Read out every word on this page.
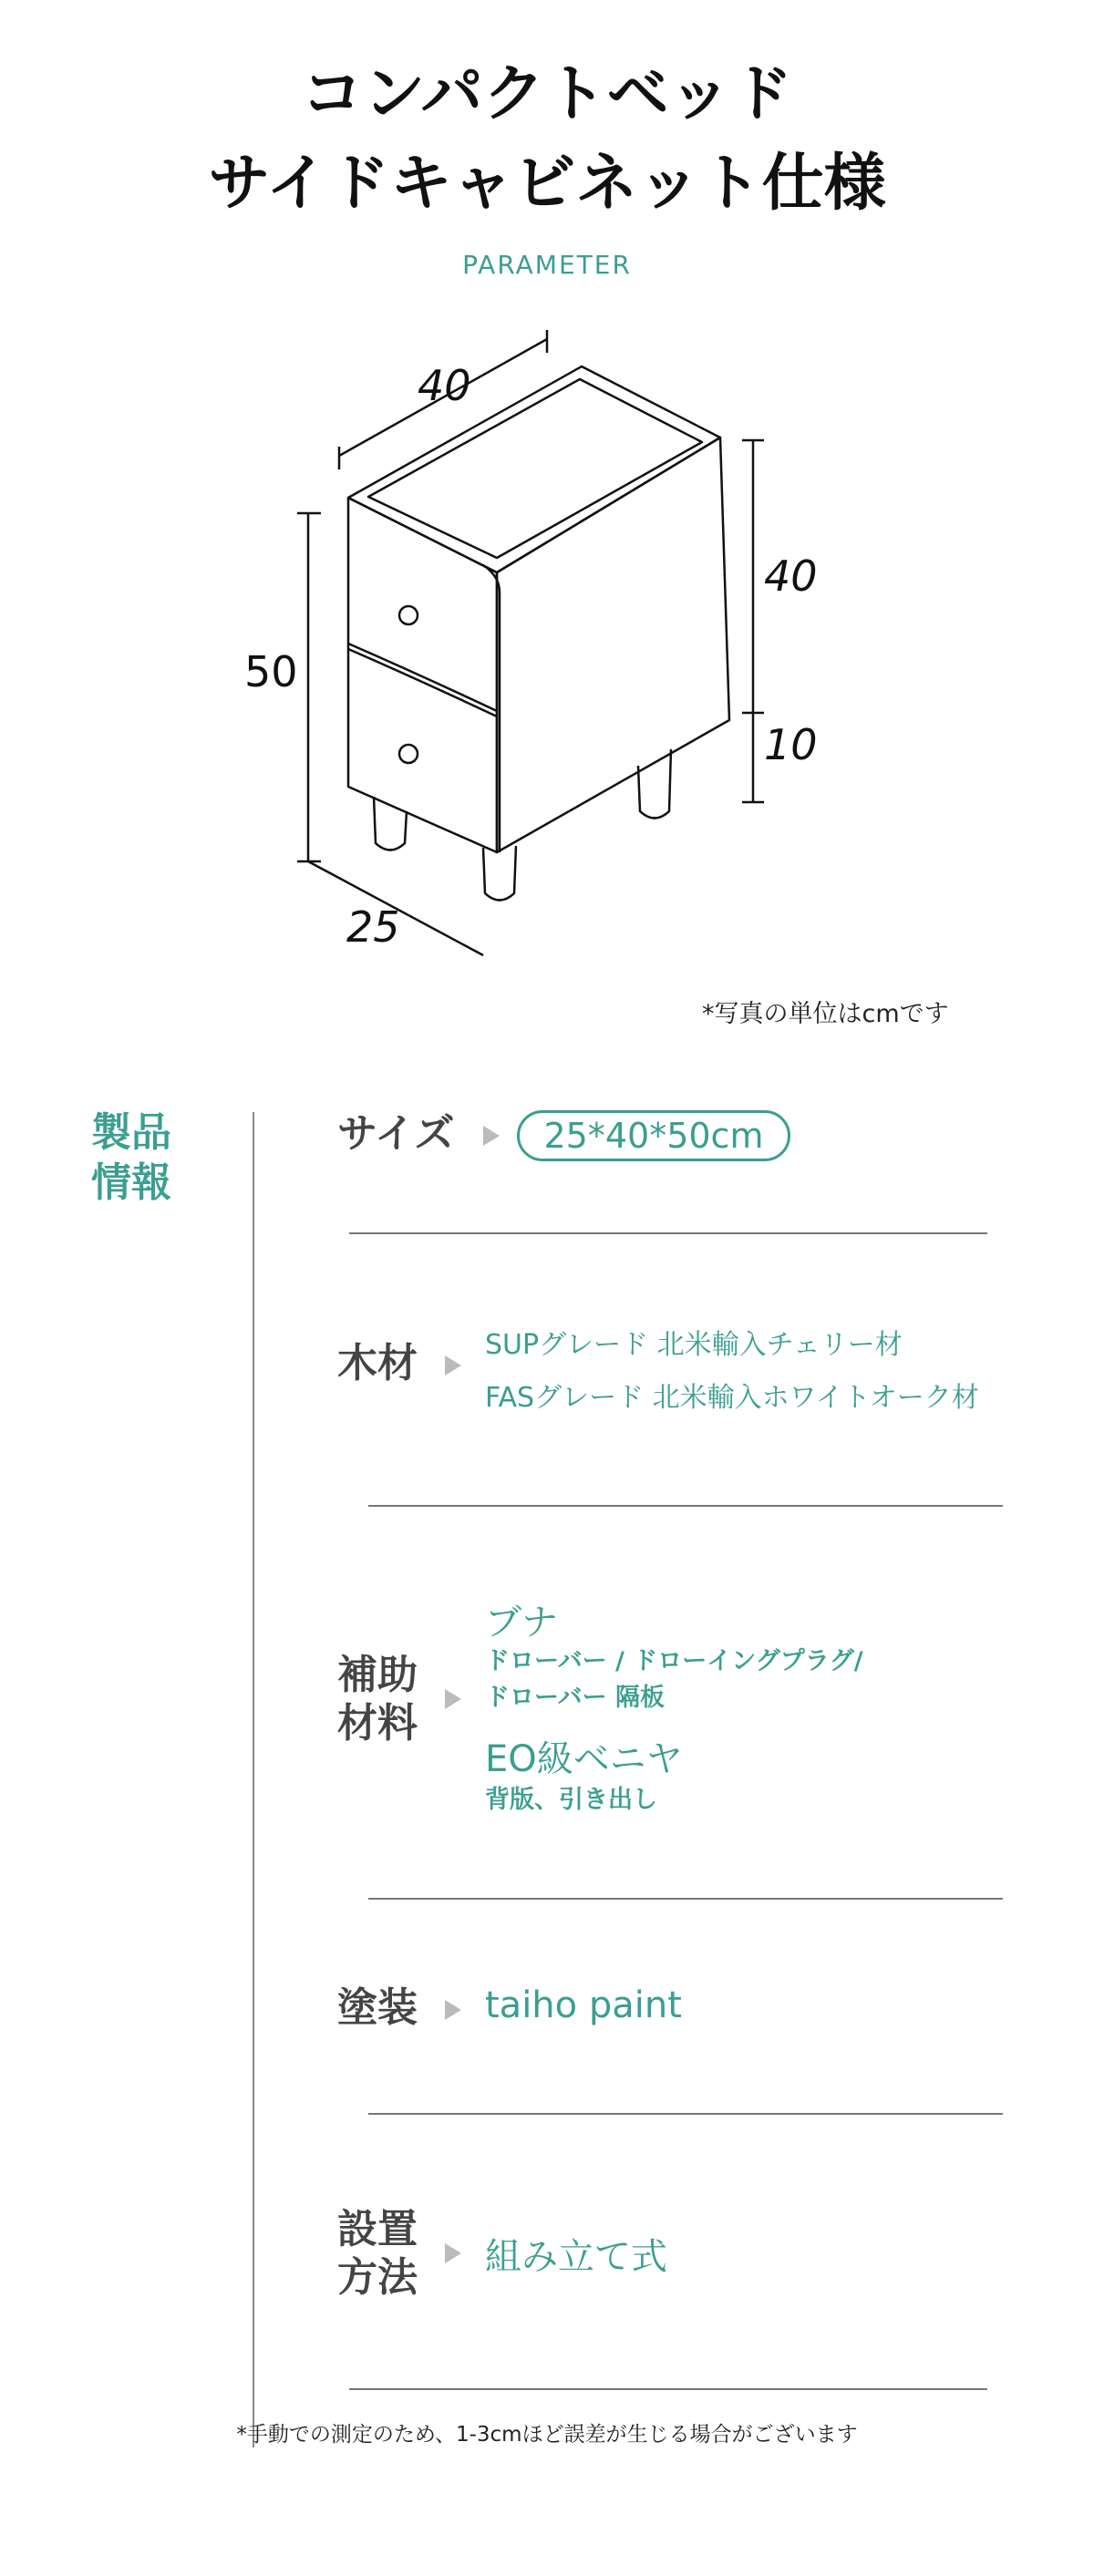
コンパクトベッド
サイドキャビネット仕様
PARAMETER
40
50
40
10
25
*写真の単位はcmです
製品
情報
サイズ	25*40*50cm
木材 SUPグレード 北米輸入チェリー材
FASグレード 北米輸入ホワイトオーク材
補助
材料
ブナ
ドローバー / ドローイングプラグ/
ドローバー 隔板
EO級ベニヤ
背版、引き出し
塗装 taiho paint
設置
方法 組み立て式
*手動での測定のため、1-3cmほど誤差が生じる場合がございます
